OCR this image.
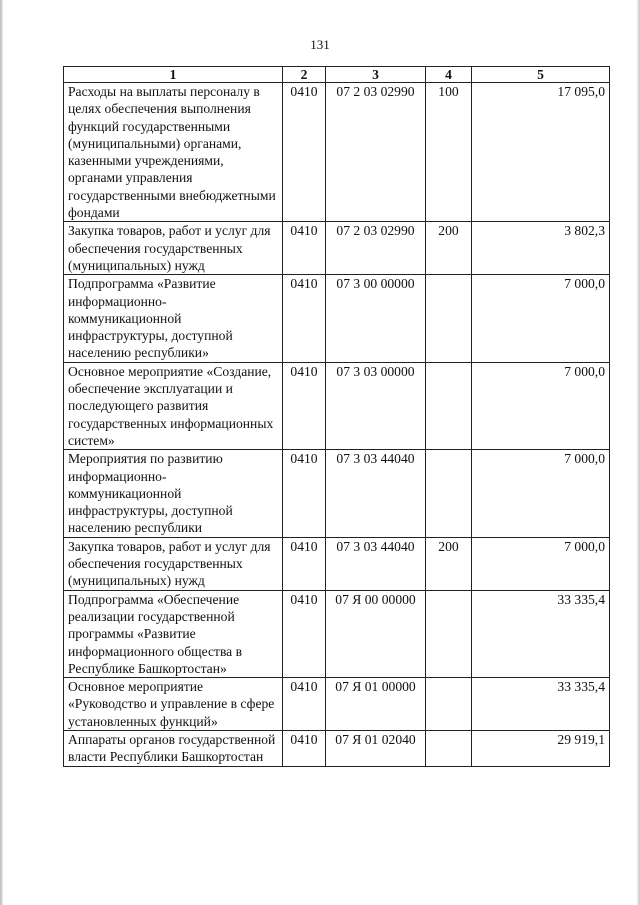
131
1	2	3	4	5
Расходы на выплаты персоналу в целях обеспечения выполнения функций государственными (муниципальными) органами, казенными учреждениями, органами управления государственными внебюджетными фондами	0410	07 2 03 02990	100	17 095,0
Закупка товаров, работ и услуг для обеспечения государственных (муниципальных) нужд	0410	07 2 03 02990	200	3 802,3
Подпрограмма «Развитие информационно-коммуникационной инфраструктуры, доступной населению республики»	0410	07 3 00 00000		7 000,0
Основное мероприятие «Создание, обеспечение эксплуатации и последующего развития государственных информационных систем»	0410	07 3 03 00000		7 000,0
Мероприятия по развитию информационно-коммуникационной инфраструктуры, доступной населению республики	0410	07 3 03 44040		7 000,0
Закупка товаров, работ и услуг для обеспечения государственных (муниципальных) нужд	0410	07 3 03 44040	200	7 000,0
Подпрограмма «Обеспечение реализации государственной программы «Развитие информационного общества в Республике Башкортостан»	0410	07 Я 00 00000		33 335,4
Основное мероприятие «Руководство и управление в сфере установленных функций»	0410	07 Я 01 00000		33 335,4
Аппараты органов государственной власти Республики Башкортостан	0410	07 Я 01 02040		29 919,1
